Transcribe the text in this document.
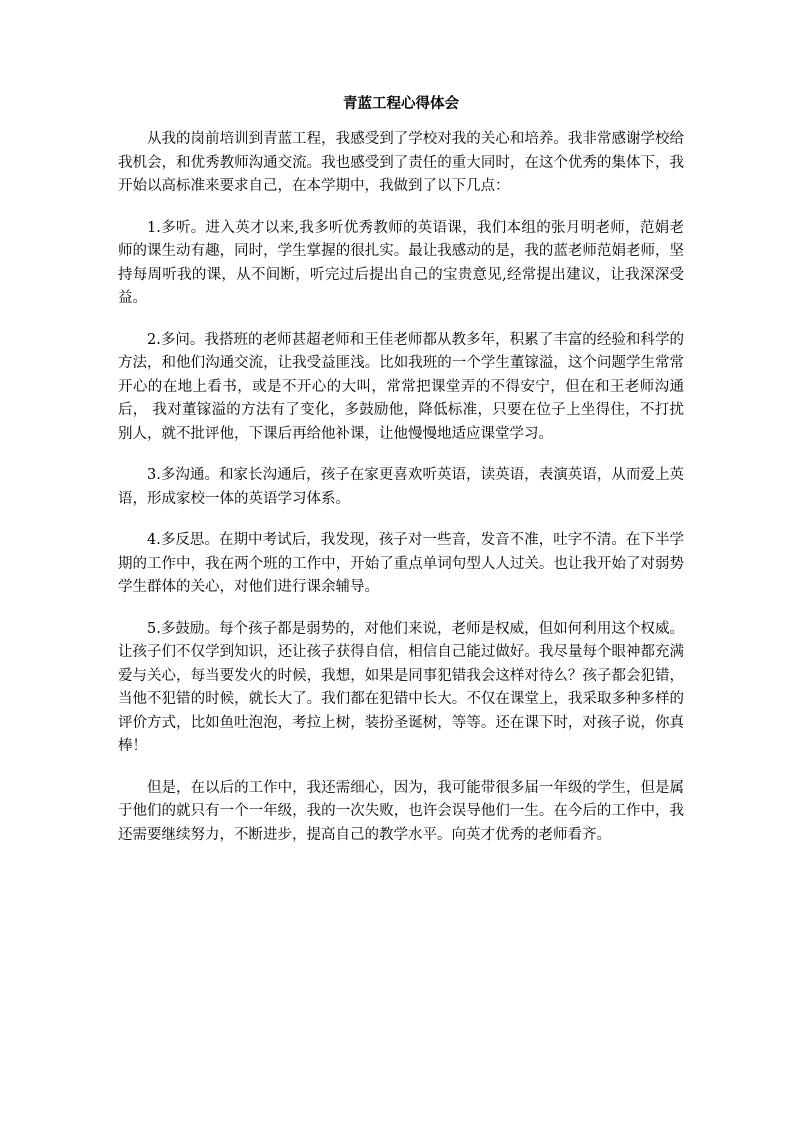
青蓝工程心得体会

从我的岗前培训到青蓝工程，我感受到了学校对我的关心和培养。我非常感谢学校给我机会，和优秀教师沟通交流。我也感受到了责任的重大同时，在这个优秀的集体下，我开始以高标准来要求自己，在本学期中，我做到了以下几点：

1.多听。进入英才以来,我多听优秀教师的英语课，我们本组的张月明老师，范娟老师的课生动有趣，同时，学生掌握的很扎实。最让我感动的是，我的蓝老师范娟老师，坚持每周听我的课，从不间断，听完过后提出自己的宝贵意见,经常提出建议，让我深深受益。

2.多问。我搭班的老师甚超老师和王佳老师都从教多年，积累了丰富的经验和科学的方法，和他们沟通交流，让我受益匪浅。比如我班的一个学生董镓溢，这个问题学生常常开心的在地上看书，或是不开心的大叫，常常把课堂弄的不得安宁，但在和王老师沟通后， 我对董镓溢的方法有了变化，多鼓励他，降低标准，只要在位子上坐得住，不打扰别人，就不批评他，下课后再给他补课，让他慢慢地适应课堂学习。

3.多沟通。和家长沟通后，孩子在家更喜欢听英语，读英语，表演英语，从而爱上英语，形成家校一体的英语学习体系。

4.多反思。在期中考试后，我发现，孩子对一些音，发音不准，吐字不清。在下半学期的工作中，我在两个班的工作中，开始了重点单词句型人人过关。也让我开始了对弱势学生群体的关心，对他们进行课余辅导。

5.多鼓励。每个孩子都是弱势的，对他们来说，老师是权威，但如何利用这个权威。让孩子们不仅学到知识，还让孩子获得自信，相信自己能过做好。我尽量每个眼神都充满爱与关心，每当要发火的时候，我想，如果是同事犯错我会这样对待么？孩子都会犯错，当他不犯错的时候，就长大了。我们都在犯错中长大。不仅在课堂上，我采取多种多样的评价方式，比如鱼吐泡泡，考拉上树，装扮圣诞树，等等。还在课下时，对孩子说，你真棒！

但是，在以后的工作中，我还需细心，因为，我可能带很多届一年级的学生，但是属于他们的就只有一个一年级，我的一次失败，也许会误导他们一生。在今后的工作中，我还需要继续努力，不断进步，提高自己的教学水平。向英才优秀的老师看齐。
